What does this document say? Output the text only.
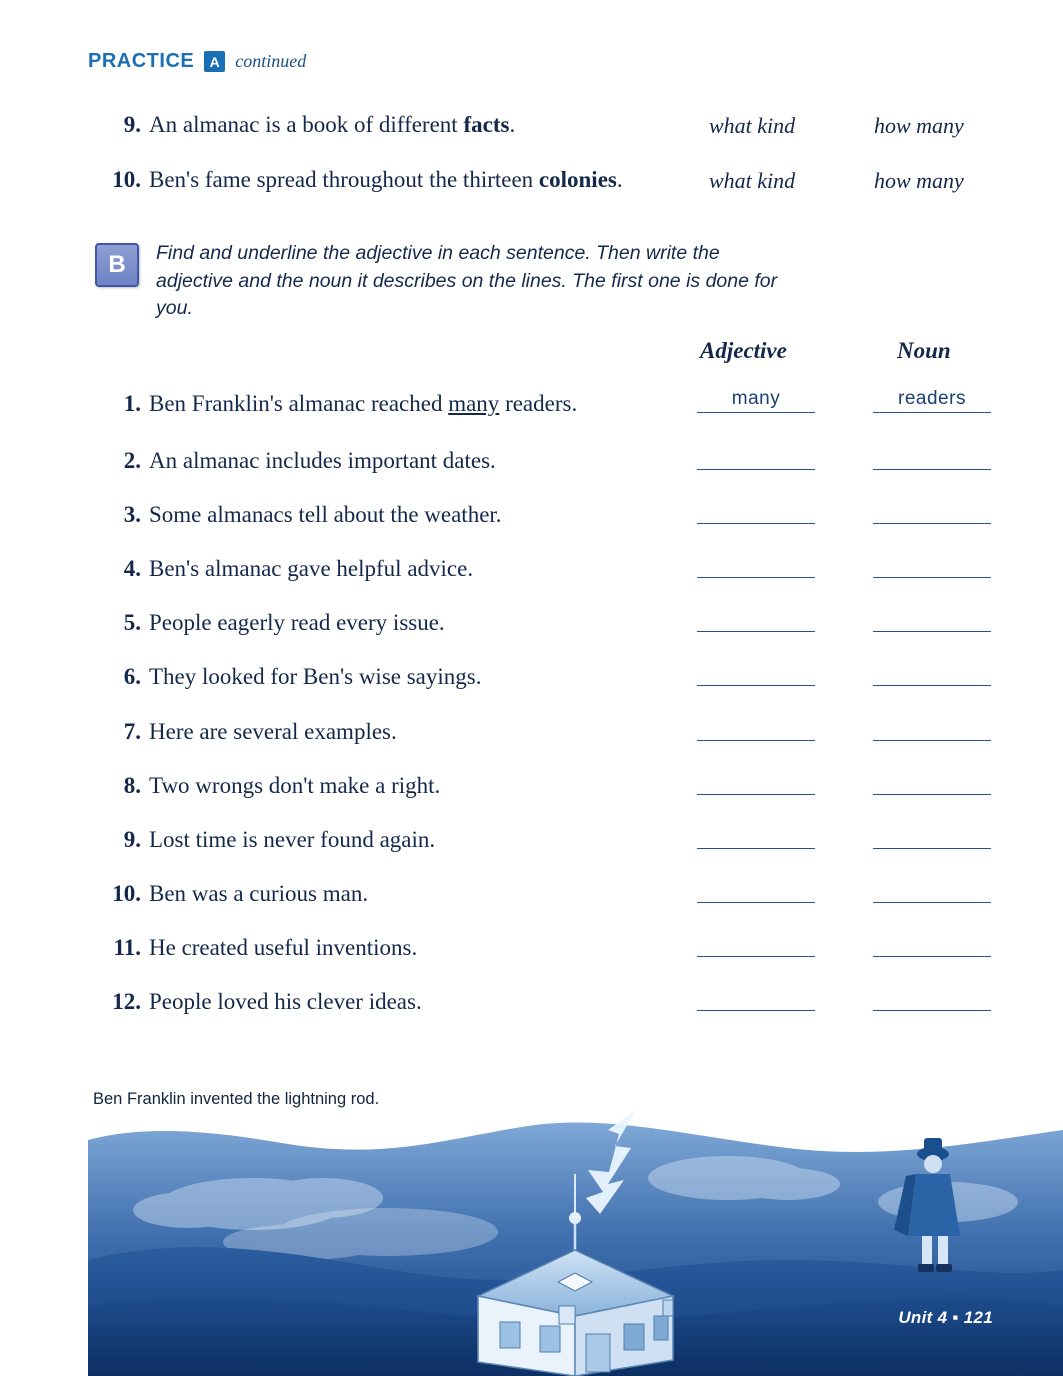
PRACTICE	A continued
9. An almanac is a book of different facts.	what kind	how many
10. Ben's fame spread throughout the thirteen colonies.	what kind	how many
B	Find and underline the adjective in each sentence. Then write the adjective and the noun it describes on the lines. The first one is done for you.
Adjective	Noun
1. Ben Franklin's almanac reached many readers.	many	readers
2. An almanac includes important dates.
3. Some almanacs tell about the weather.
4. Ben's almanac gave helpful advice.
5. People eagerly read every issue.
6. They looked for Ben's wise sayings.
7. Here are several examples.
8. Two wrongs don't make a right.
9. Lost time is never found again.
10. Ben was a curious man.
11. He created useful inventions.
12. People loved his clever ideas.
Ben Franklin invented the lightning rod.
Unit 4 ▪ 121
